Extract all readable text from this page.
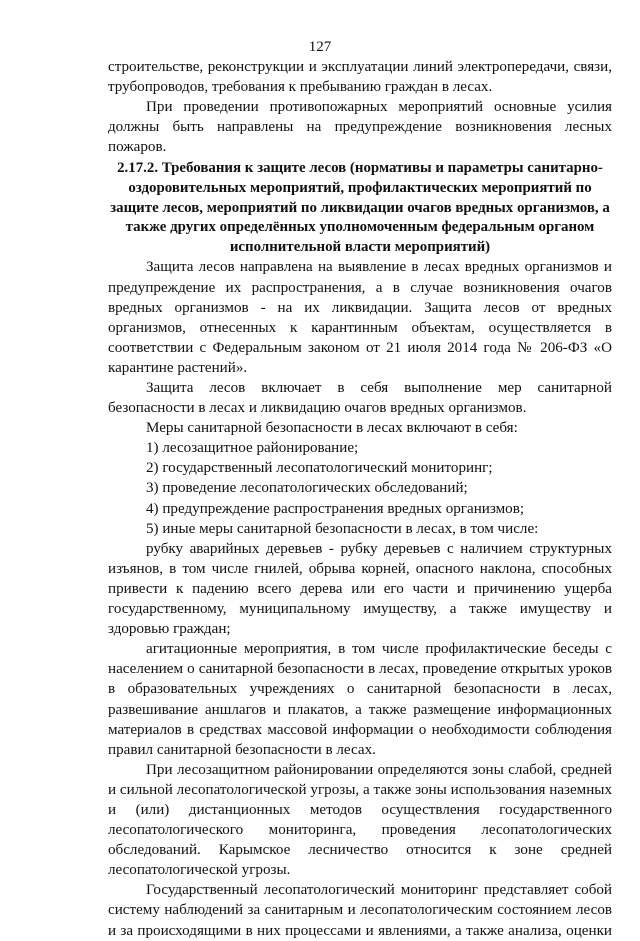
127

строительстве, реконструкции и эксплуатации линий электропередачи, связи, трубопроводов, требования к пребыванию граждан в лесах.

При проведении противопожарных мероприятий основные усилия должны быть направлены на предупреждение возникновения лесных пожаров.

2.17.2. Требования к защите лесов (нормативы и параметры санитарно-оздоровительных мероприятий, профилактических мероприятий по защите лесов, мероприятий по ликвидации очагов вредных организмов, а также других определённых уполномоченным федеральным органом исполнительной власти мероприятий)

Защита лесов направлена на выявление в лесах вредных организмов и предупреждение их распространения, а в случае возникновения очагов вредных организмов - на их ликвидации. Защита лесов от вредных организмов, отнесенных к карантинным объектам, осуществляется в соответствии с Федеральным законом от 21 июля 2014 года № 206-ФЗ «О карантине растений».

Защита лесов включает в себя выполнение мер санитарной безопасности в лесах и ликвидацию очагов вредных организмов.

Меры санитарной безопасности в лесах включают в себя:

1) лесозащитное районирование;

2) государственный лесопатологический мониторинг;

3) проведение лесопатологических обследований;

4) предупреждение распространения вредных организмов;

5) иные меры санитарной безопасности в лесах, в том числе:

рубку аварийных деревьев - рубку деревьев с наличием структурных изъянов, в том числе гнилей, обрыва корней, опасного наклона, способных привести к падению всего дерева или его части и причинению ущерба государственному, муниципальному имуществу, а также имуществу и здоровью граждан;

агитационные мероприятия, в том числе профилактические беседы с населением о санитарной безопасности в лесах, проведение открытых уроков в образовательных учреждениях о санитарной безопасности в лесах, развешивание аншлагов и плакатов, а также размещение информационных материалов в средствах массовой информации о необходимости соблюдения правил санитарной безопасности в лесах.

При лесозащитном районировании определяются зоны слабой, средней и сильной лесопатологической угрозы, а также зоны использования наземных и (или) дистанционных методов осуществления государственного лесопатологического мониторинга, проведения лесопатологических обследований. Карымское лесничество относится к зоне средней лесопатологической угрозы.

Государственный лесопатологический мониторинг представляет собой систему наблюдений за санитарным и лесопатологическим состоянием лесов и за происходящими в них процессами и явлениями, а также анализа, оценки
